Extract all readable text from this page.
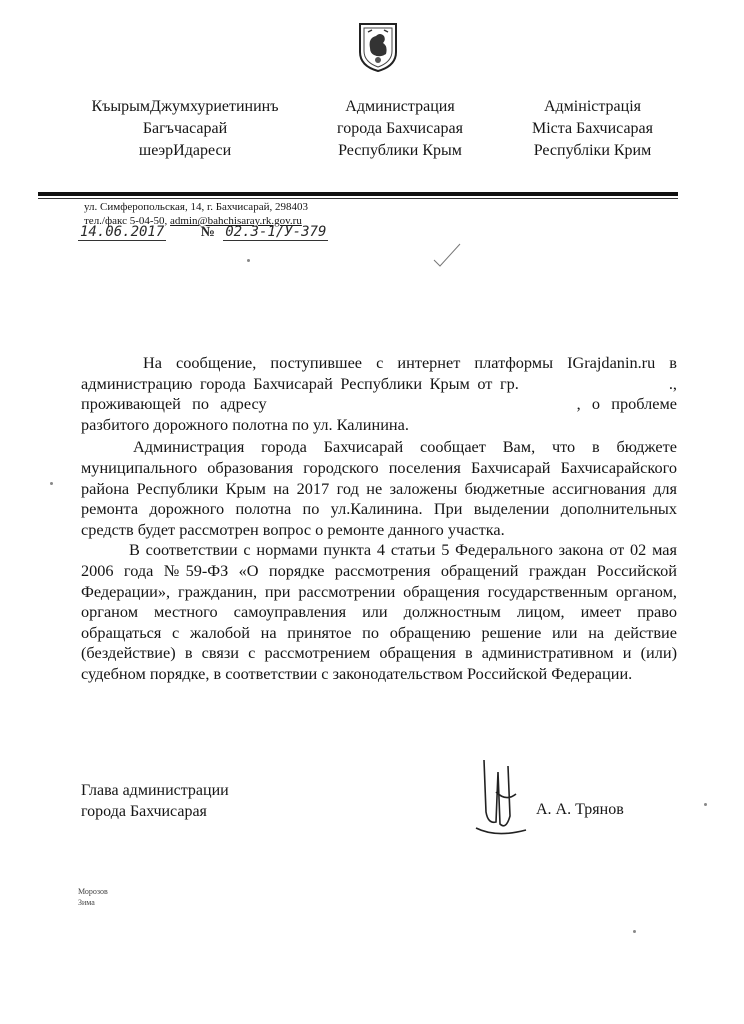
КъырымДжумхуриетининъ
Багъчасарай
шеэрИдареси
Администрация
города Бахчисарая
Республики Крым
Адміністрація
Міста Бахчисарая
Республіки Крим
ул. Симферопольская, 14, г. Бахчисарай, 298403
тел./факс 5-04-50, admin@bahchisaray.rk.gov.ru
14.06.2017	№ 02.3-1/У-379

На сообщение, поступившее с интернет платформы IGrajdanin.ru в администрацию города Бахчисарай Республики Крым от гр.	., проживающей по адресу	, о проблеме разбитого дорожного полотна по ул. Калинина.

Администрация города Бахчисарай сообщает Вам, что в бюджете муниципального образования городского поселения Бахчисарай Бахчисарайского района Республики Крым на 2017 год не заложены бюджетные ассигнования для ремонта дорожного полотна по ул.Калинина. При выделении дополнительных средств будет рассмотрен вопрос о ремонте данного участка.

В соответствии с нормами пункта 4 статьи 5 Федерального закона от 02 мая 2006 года №59-ФЗ «О порядке рассмотрения обращений граждан Российской Федерации», гражданин, при рассмотрении обращения государственным органом, органом местного самоуправления или должностным лицом, имеет право обращаться с жалобой на принятое по обращению решение или на действие (бездействие) в связи с рассмотрением обращения в административном и (или) судебном порядке, в соответствии с законодательством Российской Федерации.

Глава администрации
города Бахчисарая	А. А. Трянов
Морозов
Зима
